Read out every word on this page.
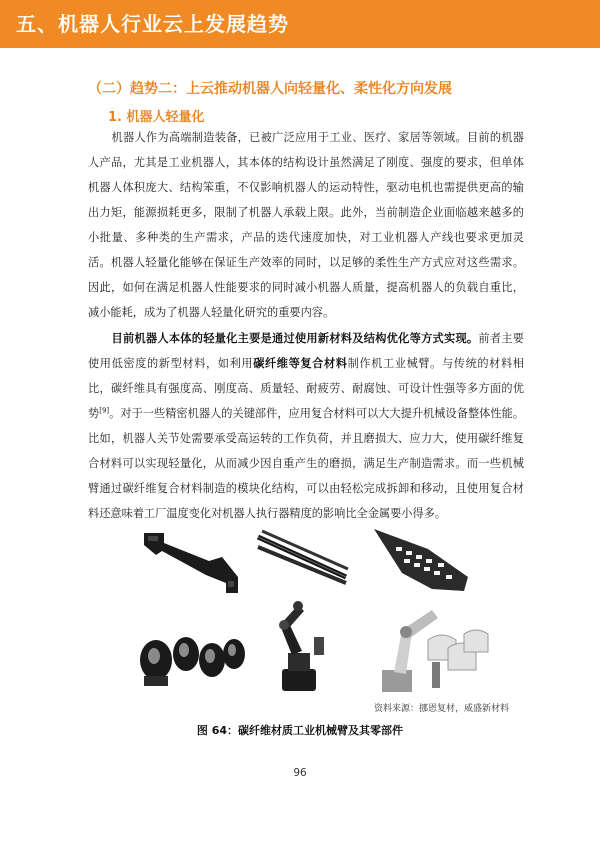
五、机器人行业云上发展趋势
（二）趋势二：上云推动机器人向轻量化、柔性化方向发展
1. 机器人轻量化

机器人作为高端制造装备，已被广泛应用于工业、医疗、家居等领域。目前的机器人产品，尤其是工业机器人，其本体的结构设计虽然满足了刚度、强度的要求，但单体机器人体积庞大、结构笨重，不仅影响机器人的运动特性，驱动电机也需提供更高的输出力矩，能源损耗更多，限制了机器人承载上限。此外，当前制造企业面临越来越多的小批量、多种类的生产需求，产品的迭代速度加快，对工业机器人产线也要求更加灵活。机器人轻量化能够在保证生产效率的同时，以足够的柔性生产方式应对这些需求。因此，如何在满足机器人性能要求的同时减小机器人质量，提高机器人的负载自重比，减小能耗，成为了机器人轻量化研究的重要内容。

目前机器人本体的轻量化主要是通过使用新材料及结构优化等方式实现。前者主要使用低密度的新型材料，如利用碳纤维等复合材料制作机工业械臂。与传统的材料相比，碳纤维具有强度高、刚度高、质量轻、耐疲劳、耐腐蚀、可设计性强等多方面的优势[9]。对于一些精密机器人的关键部件，应用复合材料可以大大提升机械设备整体性能。比如，机器人关节处需要承受高运转的工作负荷，并且磨损大、应力大，使用碳纤维复合材料可以实现轻量化，从而减少因自重产生的磨损，满足生产制造需求。而一些机械臂通过碳纤维复合材料制造的模块化结构，可以由轻松完成拆卸和移动，且使用复合材料还意味着工厂温度变化对机器人执行器精度的影响比全金属要小得多。

资料来源：挪恩复材，威盛新材料
图 64：碳纤维材质工业机械臂及其零部件
96
